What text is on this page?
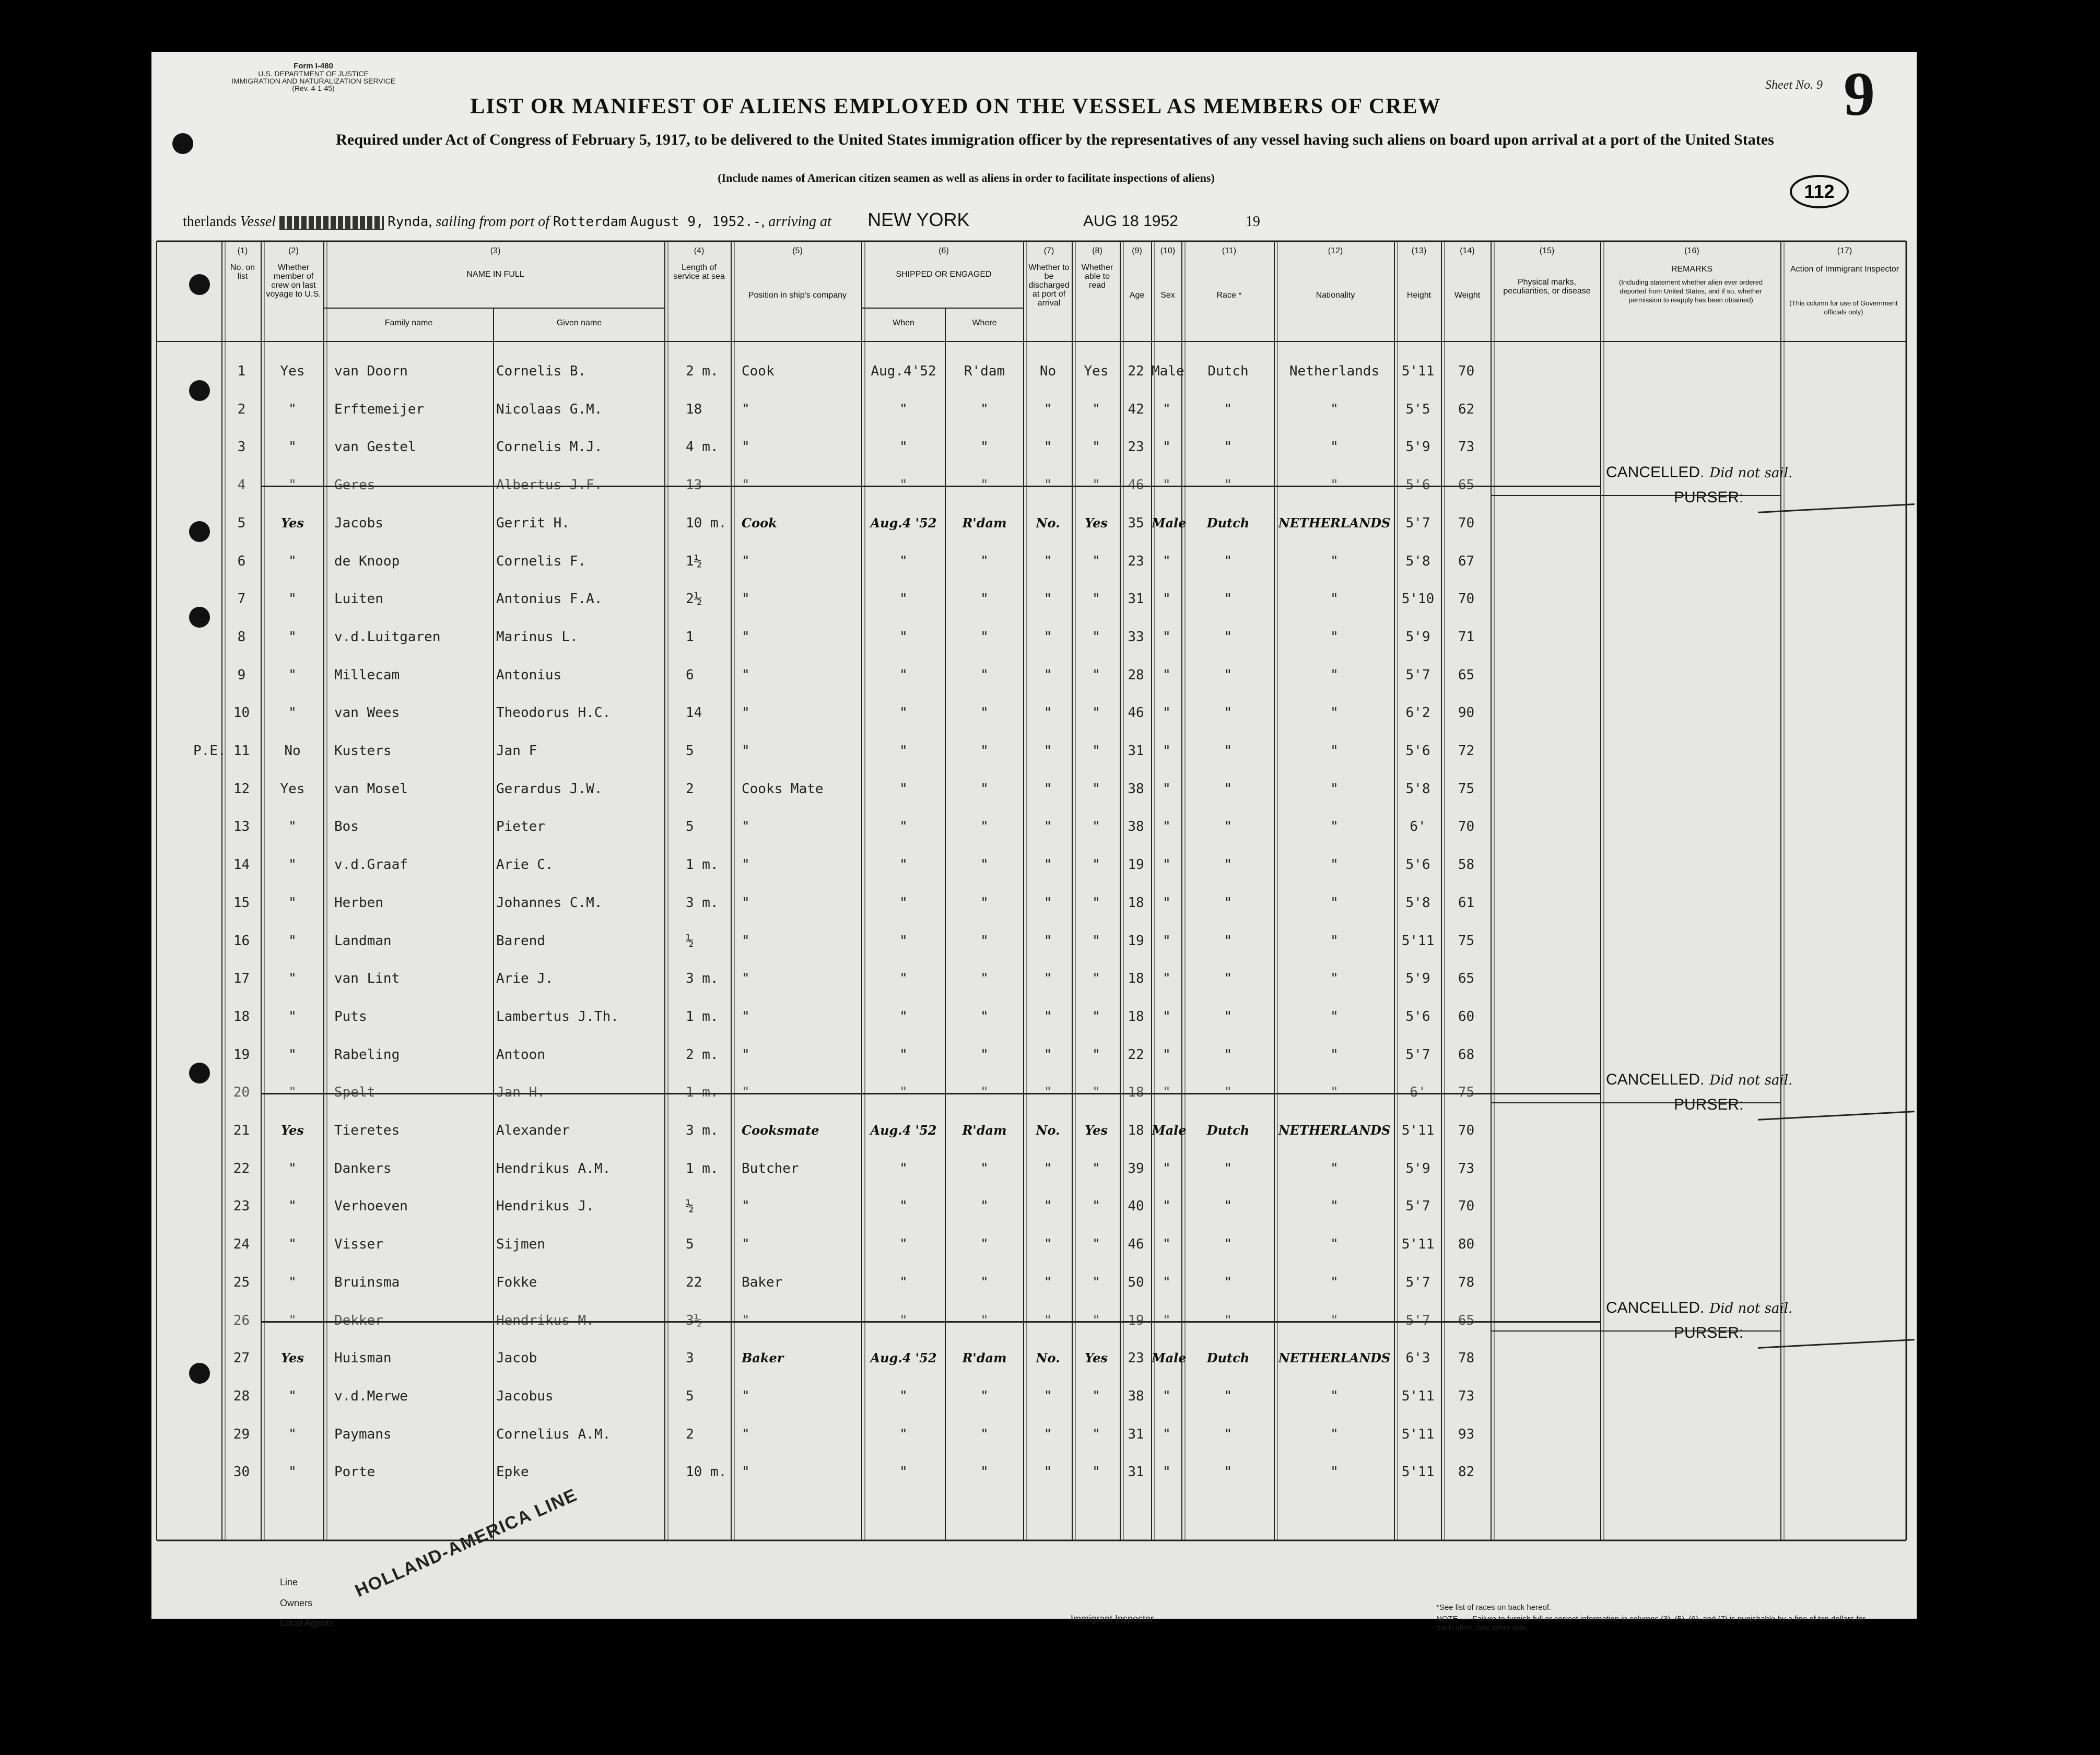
Form I-480
U.S. DEPARTMENT OF JUSTICE
IMMIGRATION AND NATURALIZATION SERVICE
(Rev. 4-1-45)
LIST OR MANIFEST OF ALIENS EMPLOYED ON THE VESSEL AS MEMBERS OF CREW
Required under Act of Congress of February 5, 1917, to be delivered to the United States immigration officer by the representatives of any vessel having such aliens on board upon arrival at a port of the United States
(Include names of American citizen seamen as well as aliens in order to facilitate inspections of aliens)
Sheet No. 9 9
112
therlands Vessel	Rynda, sailing from port of Rotterdam August 9, 1952.-, arriving at NEW YORK	AUG 18 1952	19
(1)
No. on list
(2)
Whether member of crew on last voyage to U.S.
(3)
NAME IN FULL
(4)
Length of service at sea
(5)
Position in ship's company
(6)
SHIPPED OR ENGAGED
(7)
Whether to be discharged at port of arrival
(8)
Whether able to read
(9)
Age
(10)
Sex
(11)
Race *
(12)
Nationality
(13)
Height
(14)
Weight
(15)
Physical marks, peculiarities, or disease
(16)
REMARKS
(17)
Action of Immigrant Inspector
Family name	Given name	When	Where
(Including statement whether alien ever ordered deported from United States, and if so, whether permission to reapply has been obtained)	(This column for use of Government officials only)
1	Yes	van Doorn	Cornelis B.	2 m. Cook	Aug.4'52	R'dam	No	Yes	22 Male	Dutch	Netherlands	5'11	70
2	"	Erftemeijer	Nicolaas G.M.	18	"	"	"	"	"	42	"	"	"	5'5	62
3	"	van Gestel	Cornelis M.J.	4 m. "	"	"	"	"	23	"	"	"	5'9	73
4	"	Geres	Albertus J.F.	13	"	"	"	"	"	46	"	"	"	5'6	65
5	Yes	Jacobs	Gerrit H.	10 m. Cook	Aug.4 '52	R'dam	No.	Yes	35 Male	Dutch	NETHERLANDS	5'7	70
6	"	de Knoop	Cornelis F.	1½	"	"	"	"	"	23	"	"	"	5'8	67
7	"	Luiten	Antonius F.A.	2½	"	"	"	"	"	31	"	"	"	5'10	70
8	"	v.d.Luitgaren	Marinus L.	1	"	"	"	"	"	33	"	"	"	5'9	71
9	"	Millecam	Antonius	6	"	"	"	"	"	28	"	"	"	5'7	65
10	"	van Wees	Theodorus H.C.	14	"	"	"	"	"	46	"	"	"	6'2	90
11	No	Kusters	Jan F	5	"	"	"	"	"	31	"	"	"	5'6	72
12	Yes	van Mosel	Gerardus J.W.	2	Cooks Mate	"	"	"	"	38	"	"	"	5'8	75
13	"	Bos	Pieter	5	"	"	"	"	"	38	"	"	"	6'	70
14	"	v.d.Graaf	Arie C.	1 m. "	"	"	"	"	19	"	"	"	5'6	58
15	"	Herben	Johannes C.M.	3 m. "	"	"	"	"	18	"	"	"	5'8	61
16	"	Landman	Barend	½	"	"	"	"	"	19	"	"	"	5'11	75
17	"	van Lint	Arie J.	3 m. "	"	"	"	"	18	"	"	"	5'9	65
18	"	Puts	Lambertus J.Th.	1 m. "	"	"	"	"	18	"	"	"	5'6	60
19	"	Rabeling	Antoon	2 m. "	"	"	"	"	22	"	"	"	5'7	68
20	"	Spelt	Jan H.	1 m. "	"	"	"	"	18	"	"	"	6'	75
21	Yes	Tieretes	Alexander	3 m. Cooksmate	Aug.4 '52	R'dam	No.	Yes	18 Male	Dutch	NETHERLANDS 5'11	70
22	"	Dankers	Hendrikus A.M.	1 m. Butcher	"	"	"	"	39	"	"	"	5'9	73
23	"	Verhoeven	Hendrikus J.	½	"	"	"	"	"	40	"	"	"	5'7	70
24	"	Visser	Sijmen	5	"	"	"	"	"	46	"	"	"	5'11	80
25	"	Bruinsma	Fokke	22	Baker	"	"	"	"	50	"	"	"	5'7	78
26	"	Dekker	Hendrikus M.	3½	"	"	"	"	"	19	"	"	"	5'7	65
27	Yes	Huisman	Jacob	3	Baker	Aug.4 '52	R'dam	No.	Yes	23 Male	Dutch	NETHERLANDS	6'3	78
28	"	v.d.Merwe	Jacobus	5	"	"	"	"	"	38	"	"	"	5'11	73
29	"	Paymans	Cornelius A.M.	2	"	"	"	"	"	31	"	"	"	5'11	93
30	"	Porte	Epke	10 m. "	"	"	"	"	31	"	"	"	5'11	82
P.E.
CANCELLED. Did not sail.
PURSER:
CANCELLED. Did not sail.
PURSER:
CANCELLED. Did not sail.
PURSER:
Line
Owners
Local Agents	Immigrant Inspector.
HOLLAND-AMERICA LINE
*See list of races on back hereof.
NOTE. — Failure to furnish full or correct information in columns (3), (5), (6), and (7) is punishable by a fine of ten dollars for each alien. See other side.
